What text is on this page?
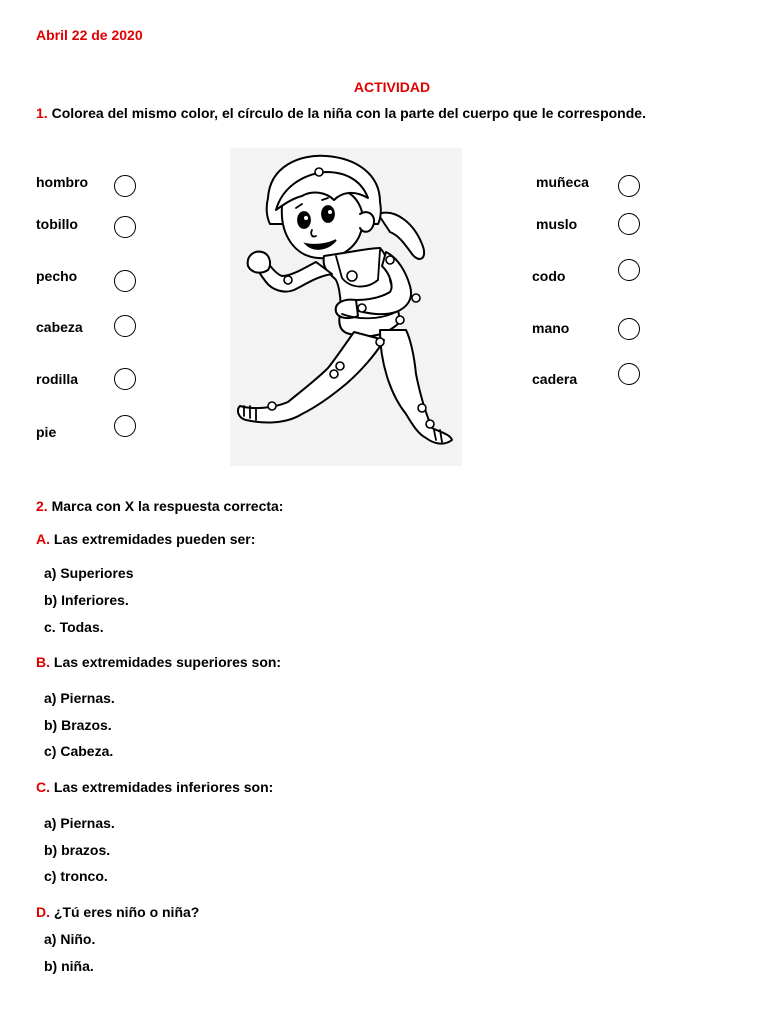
Abril 22 de 2020
ACTIVIDAD
1. Colorea del mismo color, el círculo de la niña con la parte del cuerpo que le corresponde.
hombro
tobillo
pecho
cabeza
rodilla
pie
muñeca
muslo
codo
mano
cadera
2. Marca con X la respuesta correcta:
A. Las extremidades pueden ser:
a) Superiores
b) Inferiores.
c. Todas.
B. Las extremidades superiores son:
a) Piernas.
b) Brazos.
c) Cabeza.
C. Las extremidades inferiores son:
a) Piernas.
b) brazos.
c) tronco.
D. ¿Tú eres niño o niña?
a) Niño.
b) niña.
